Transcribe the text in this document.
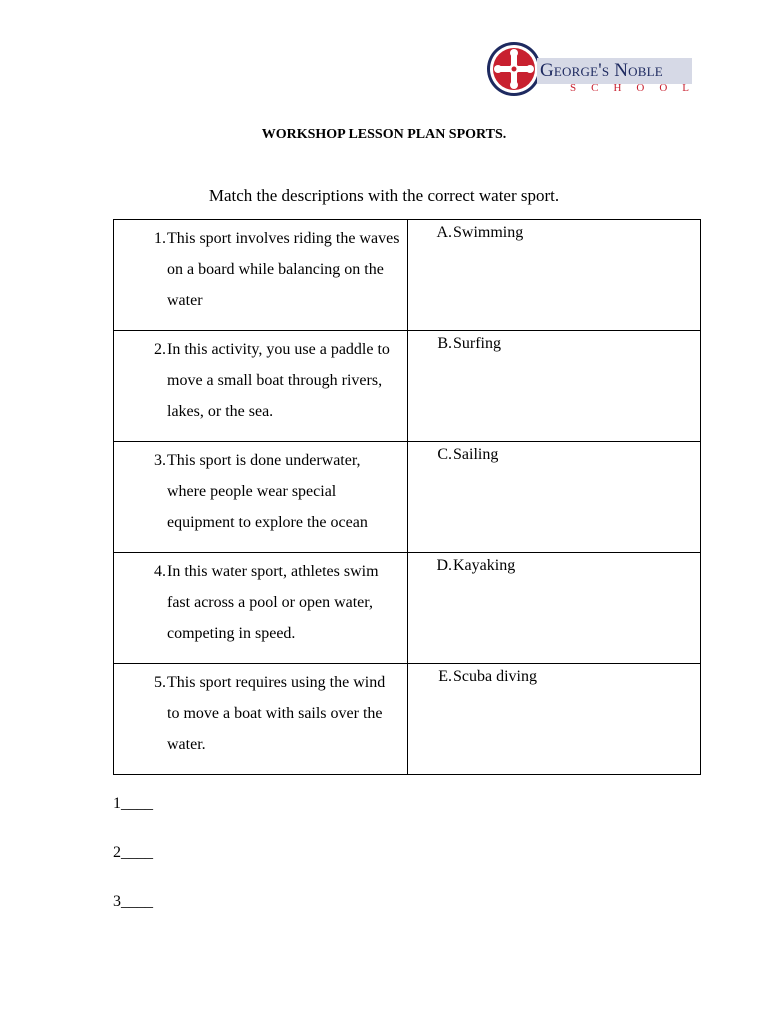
George's Noble
SCHOOL
WORKSHOP LESSON PLAN SPORTS.
Match the descriptions with the correct water sport.
1. This sport involves riding the waves on a board while balancing on the water	A. Swimming

2. In this activity, you use a paddle to move a small boat through rivers, lakes, or the sea.	B. Surfing

3. This sport is done underwater, where people wear special equipment to explore the ocean	C. Sailing

4. In this water sport, athletes swim fast across a pool or open water, competing in speed.	D. Kayaking

5. This sport requires using the wind to move a boat with sails over the water.	E. Scuba diving
1____
2____
3____
